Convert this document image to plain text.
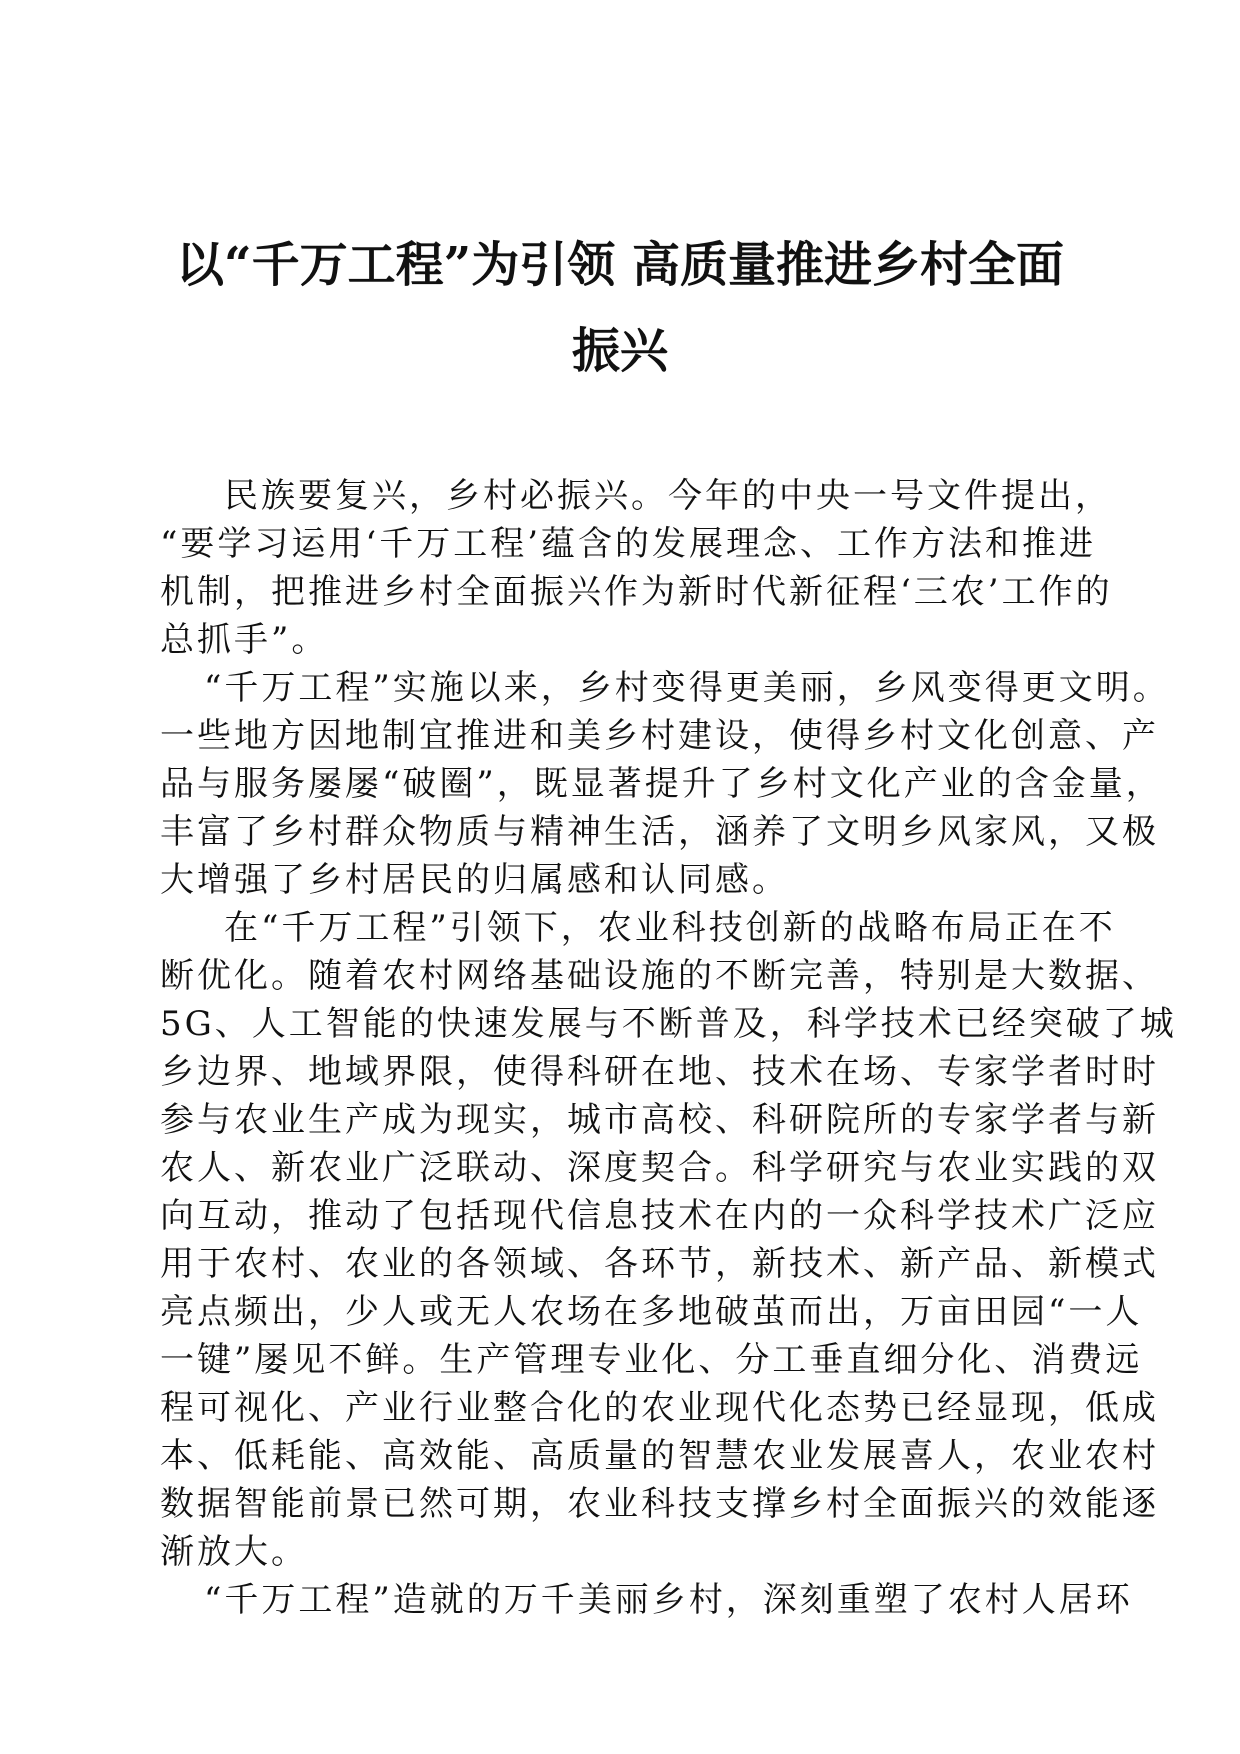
以“千万工程”为引领 高质量推进乡村全面
振兴
民族要复兴，乡村必振兴。今年的中央一号文件提出，
“要学习运用‘千万工程’蕴含的发展理念、工作方法和推进
机制，把推进乡村全面振兴作为新时代新征程‘三农’工作的
总抓手”。
“千万工程”实施以来，乡村变得更美丽，乡风变得更文明。
一些地方因地制宜推进和美乡村建设，使得乡村文化创意、产
品与服务屡屡“破圈”，既显著提升了乡村文化产业的含金量，
丰富了乡村群众物质与精神生活，涵养了文明乡风家风，又极
大增强了乡村居民的归属感和认同感。
在“千万工程”引领下，农业科技创新的战略布局正在不
断优化。随着农村网络基础设施的不断完善，特别是大数据、
5G、人工智能的快速发展与不断普及，科学技术已经突破了城
乡边界、地域界限，使得科研在地、技术在场、专家学者时时
参与农业生产成为现实，城市高校、科研院所的专家学者与新
农人、新农业广泛联动、深度契合。科学研究与农业实践的双
向互动，推动了包括现代信息技术在内的一众科学技术广泛应
用于农村、农业的各领域、各环节，新技术、新产品、新模式
亮点频出，少人或无人农场在多地破茧而出，万亩田园“一人
一键”屡见不鲜。生产管理专业化、分工垂直细分化、消费远
程可视化、产业行业整合化的农业现代化态势已经显现，低成
本、低耗能、高效能、高质量的智慧农业发展喜人，农业农村
数据智能前景已然可期，农业科技支撑乡村全面振兴的效能逐
渐放大。
“千万工程”造就的万千美丽乡村，深刻重塑了农村人居环
